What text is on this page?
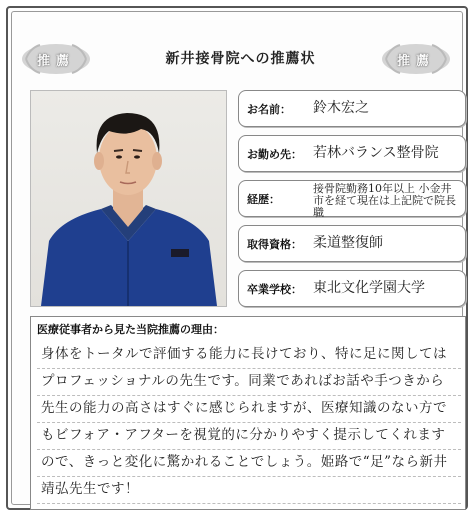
推薦	新井接骨院への推薦状	推薦
お名前： 鈴木宏之
お勤め先： 若林バランス整骨院
経歴：
接骨院勤務10年以上 小金井市を経て現在は上記院で院長職
取得資格： 柔道整復師
卒業学校： 東北文化学園大学
医療従事者から見た当院推薦の理由：
身体をトータルで評価する能力に長けており、特に足に関してはプロフェッショナルの先生です。同業であればお話や手つきから先生の能力の高さはすぐに感じられますが、医療知識のない方でもビフォア・アフターを視覚的に分かりやすく提示してくれますので、きっと変化に驚かれることでしょう。姫路で“足”なら新井靖弘先生です！
